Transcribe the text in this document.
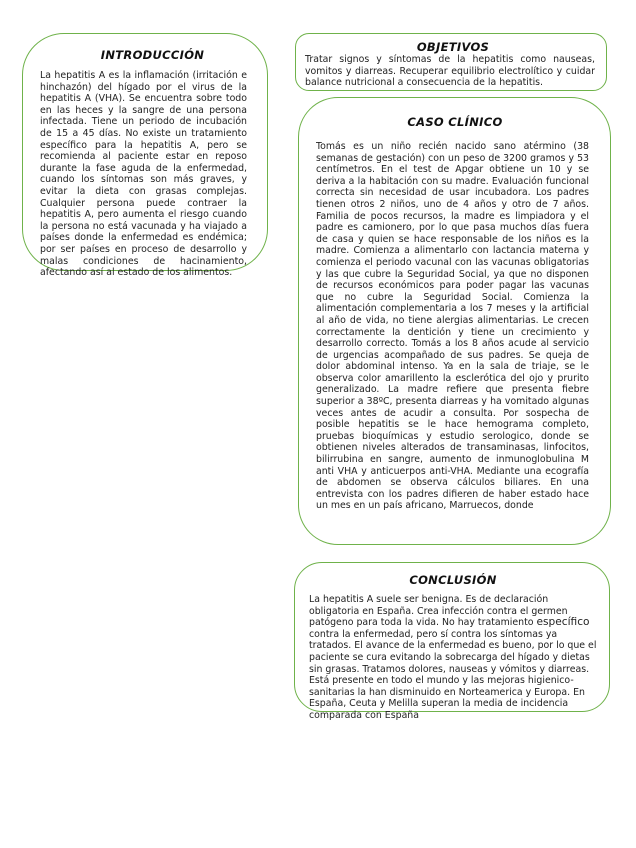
INTRODUCCIÓN
La hepatitis A es la inflamación (irritación e hinchazón) del hígado por el virus de la hepatitis A (VHA). Se encuentra sobre todo en las heces y la sangre de una persona infectada. Tiene un periodo de incubación de 15 a 45 días. No existe un tratamiento específico para la hepatitis A, pero se recomienda al paciente estar en reposo durante la fase aguda de la enfermedad, cuando los síntomas son más graves, y evitar la dieta con grasas complejas. Cualquier persona puede contraer la hepatitis A, pero aumenta el riesgo cuando la persona no está vacunada y ha viajado a países donde la enfermedad es endémica; por ser países en proceso de desarrollo y malas condiciones de hacinamiento, afectando así al estado de los alimentos.
OBJETIVOS
Tratar signos y síntomas de la hepatitis como nauseas, vomitos y diarreas. Recuperar equilibrio electrolítico y cuidar balance nutricional a consecuencia de la hepatitis.
CASO CLÍNICO
Tomás es un niño recién nacido sano atérmino (38 semanas de gestación) con un peso de 3200 gramos y 53 centímetros. En el test de Apgar obtiene un 10 y se deriva a la habitación con su madre. Evaluación funcional correcta sin necesidad de usar incubadora. Los padres tienen otros 2 niños, uno de 4 años y otro de 7 años. Familia de pocos recursos, la madre es limpiadora y el padre es camionero, por lo que pasa muchos días fuera de casa y quien se hace responsable de los niños es la madre. Comienza a alimentarlo con lactancia materna y comienza el periodo vacunal con las vacunas obligatorias y las que cubre la Seguridad Social, ya que no disponen de recursos económicos para poder pagar las vacunas que no cubre la Seguridad Social. Comienza la alimentación complementaria a los 7 meses y la artificial al año de vida, no tiene alergias alimentarias. Le crecen correctamente la dentición y tiene un crecimiento y desarrollo correcto. Tomás a los 8 años acude al servicio de urgencias acompañado de sus padres. Se queja de dolor abdominal intenso. Ya en la sala de triaje, se le observa color amarillento la esclerótica del ojo y prurito generalizado. La madre refiere que presenta fiebre superior a 38ºC, presenta diarreas y ha vomitado algunas veces antes de acudir a consulta. Por sospecha de posible hepatitis se le hace hemograma completo, pruebas bioquímicas y estudio serologico, donde se obtienen niveles alterados de transaminasas, linfocitos, bilirrubina en sangre, aumento de inmunoglobulina M anti VHA y anticuerpos anti-VHA. Mediante una ecografía de abdomen se observa cálculos biliares. En una entrevista con los padres difieren de haber estado hace un mes en un país africano, Marruecos, donde
CONCLUSIÓN
La hepatitis A suele ser benigna. Es de declaración obligatoria en España. Crea infección contra el germen patógeno para toda la vida. No hay tratamiento específico contra la enfermedad, pero sí contra los síntomas ya tratados. El avance de la enfermedad es bueno, por lo que el paciente se cura evitando la sobrecarga del hígado y dietas sin grasas. Tratamos dolores, nauseas y vómitos y diarreas. Está presente en todo el mundo y las mejoras higienico-sanitarias la han disminuido en Norteamerica y Europa. En España, Ceuta y Melilla superan la media de incidencia comparada con España
